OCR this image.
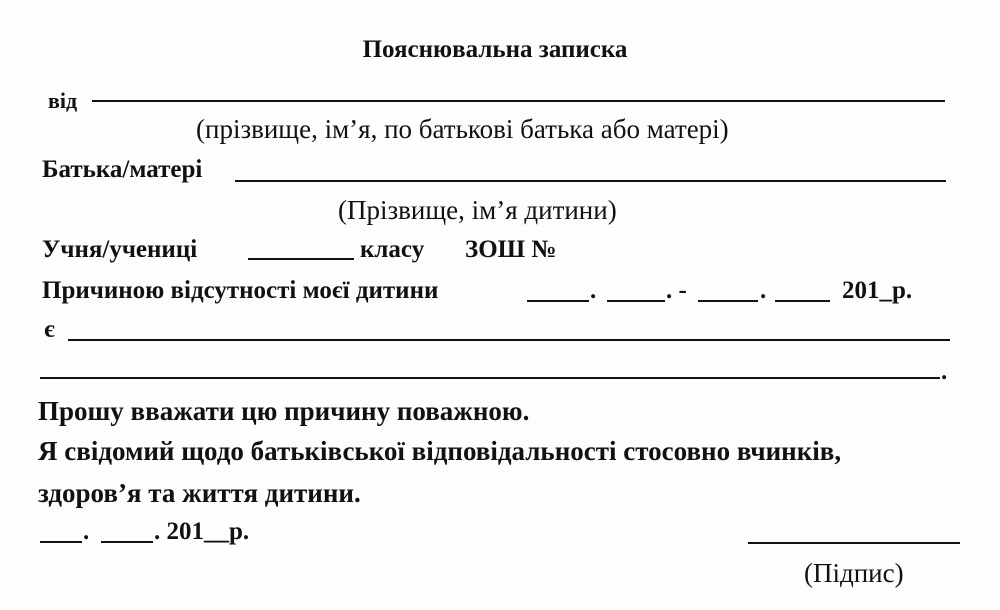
Пояснювальна записка
від
(прізвище, ім’я, по батькові батька або матері)
Батька/матері
(Прізвище, ім’я дитини)
Учня/учениці	класу ЗОШ №
Причиною відсутності моєї дитини	.	. -	.	201_р.
є
.
Прошу вважати цю причину поважною.
Я свідомий щодо батьківської відповідальності стосовно вчинків,
здоров’я та життя дитини.
.	. 201__р.
(Підпис)
